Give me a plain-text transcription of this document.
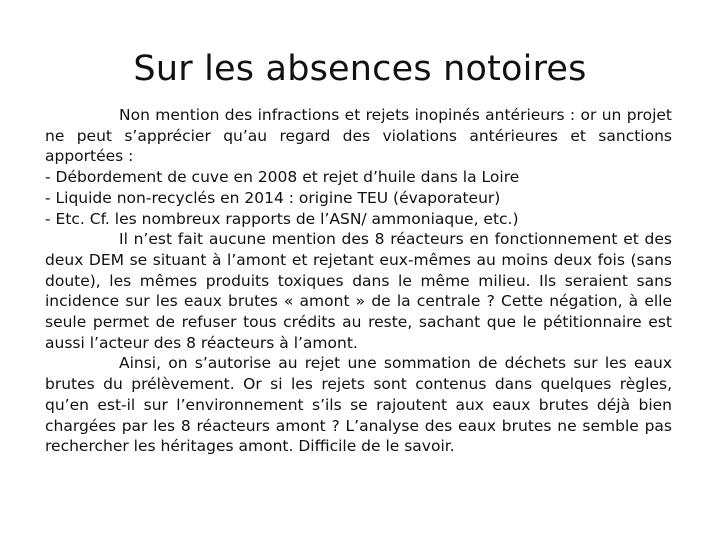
Sur les absences notoires

Non mention des infractions et rejets inopinés antérieurs : or un projet ne peut s’apprécier qu’au regard des violations antérieures et sanctions apportées :

- Débordement de cuve en 2008 et rejet d’huile dans la Loire

- Liquide non-recyclés en 2014 : origine TEU (évaporateur)

- Etc. Cf. les nombreux rapports de l’ASN/ ammoniaque, etc.)

Il n’est fait aucune mention des 8 réacteurs en fonctionnement et des deux DEM se situant à l’amont et rejetant eux-mêmes au moins deux fois (sans doute), les mêmes produits toxiques dans le même milieu. Ils seraient sans incidence sur les eaux brutes « amont » de la centrale ? Cette négation, à elle seule permet de refuser tous crédits au reste, sachant que le pétitionnaire est aussi l’acteur des 8 réacteurs à l’amont.

Ainsi, on s’autorise au rejet une sommation de déchets sur les eaux brutes du prélèvement. Or si les rejets sont contenus dans quelques règles, qu’en est-il sur l’environnement s’ils se rajoutent aux eaux brutes déjà bien chargées par les 8 réacteurs amont ? L’analyse des eaux brutes ne semble pas rechercher les héritages amont. Difficile de le savoir.
